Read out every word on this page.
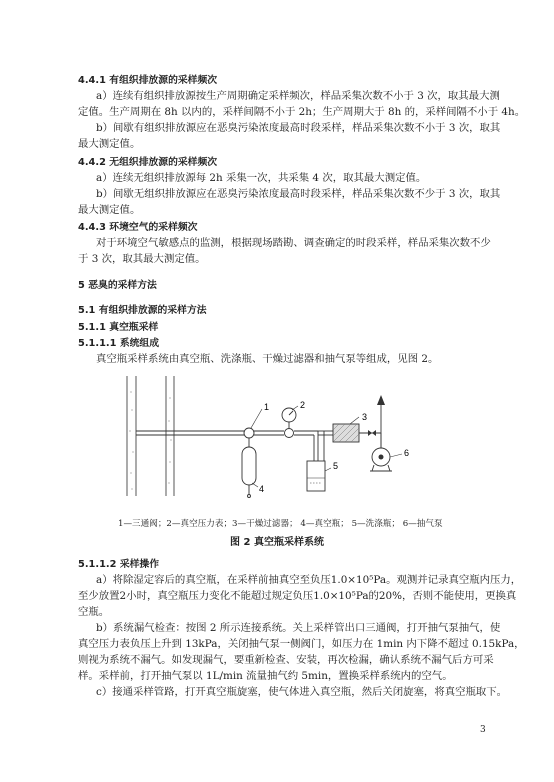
4.4.1 有组织排放源的采样频次
a）连续有组织排放源按生产周期确定采样频次，样品采集次数不小于 3 次，取其最大测
定值。生产周期在 8h 以内的，采样间隔不小于 2h；生产周期大于 8h 的，采样间隔不小于 4h。
b）间歇有组织排放源应在恶臭污染浓度最高时段采样，样品采集次数不小于 3 次，取其
最大测定值。
4.4.2 无组织排放源的采样频次
a）连续无组织排放源每 2h 采集一次，共采集 4 次，取其最大测定值。
b）间歇无组织排放源应在恶臭污染浓度最高时段采样，样品采集次数不少于 3 次，取其
最大测定值。
4.4.3 环境空气的采样频次
对于环境空气敏感点的监测，根据现场踏勘、调查确定的时段采样，样品采集次数不少
于 3 次，取其最大测定值。
5 恶臭的采样方法
5.1 有组织排放源的采样方法
5.1.1 真空瓶采样
5.1.1.1 系统组成
真空瓶采样系统由真空瓶、洗涤瓶、干燥过滤器和抽气泵等组成，见图 2。
1	2
3
4
5
6
1—三通阀；2—真空压力表；3—干燥过滤器； 4—真空瓶； 5—洗涤瓶； 6—抽气泵
图 2 真空瓶采样系统
5.1.1.2 采样操作
a）将除湿定容后的真空瓶，在采样前抽真空至负压1.0×10⁵Pa。观测并记录真空瓶内压力，
至少放置2小时，真空瓶压力变化不能超过规定负压1.0×10⁵Pa的20%，否则不能使用，更换真
空瓶。
b）系统漏气检查：按图 2 所示连接系统。关上采样管出口三通阀，打开抽气泵抽气，使
真空压力表负压上升到 13kPa，关闭抽气泵一侧阀门，如压力在 1min 内下降不超过 0.15kPa，
则视为系统不漏气。如发现漏气，要重新检查、安装，再次检漏，确认系统不漏气后方可采
样。采样前，打开抽气泵以 1L/min 流量抽气约 5min，置换采样系统内的空气。
c）接通采样管路，打开真空瓶旋塞，使气体进入真空瓶，然后关闭旋塞，将真空瓶取下。
3
